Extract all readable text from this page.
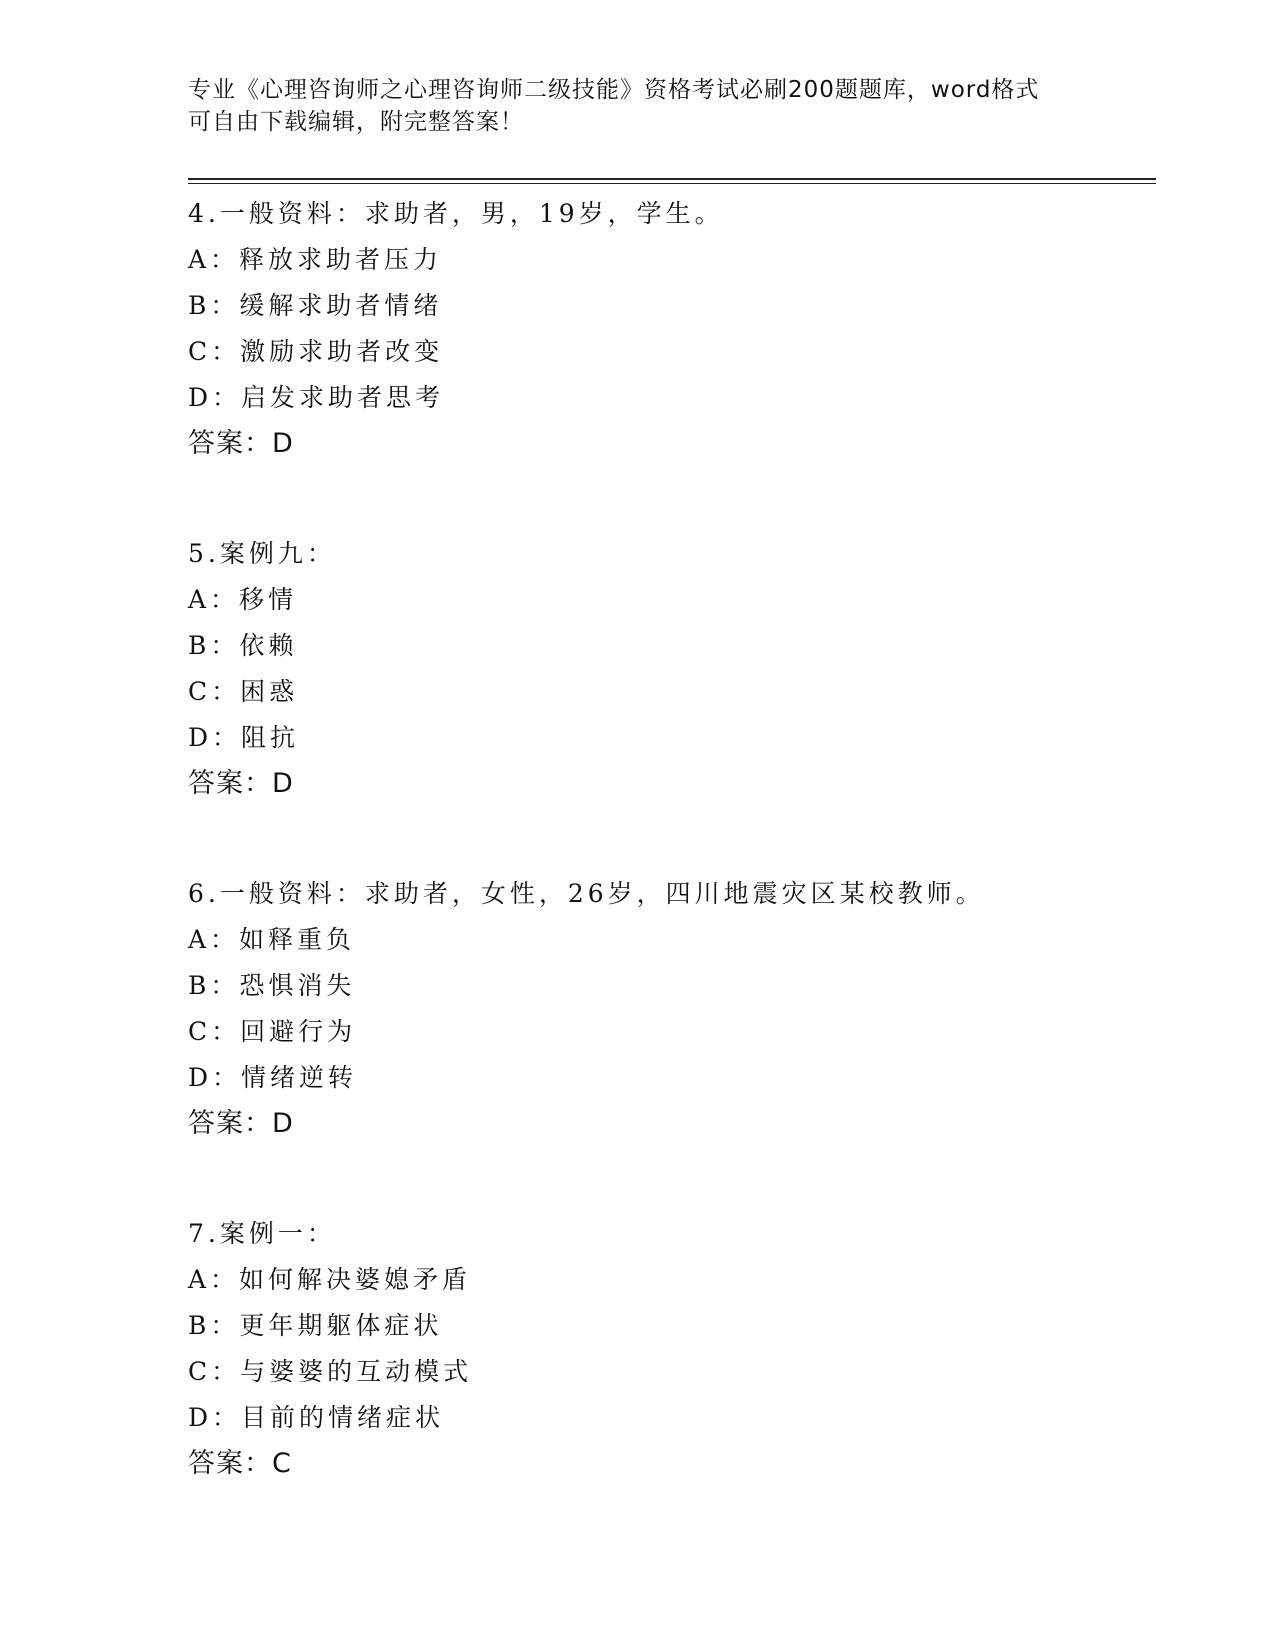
专业《心理咨询师之心理咨询师二级技能》资格考试必刷200题题库，word格式
可自由下载编辑，附完整答案！
4.一般资料：求助者，男，19岁，学生。
A：释放求助者压力
B：缓解求助者情绪
C：激励求助者改变
D：启发求助者思考
答案：D
5.案例九：
A：移情
B：依赖
C：困惑
D：阻抗
答案：D
6.一般资料：求助者，女性，26岁，四川地震灾区某校教师。
A：如释重负
B：恐惧消失
C：回避行为
D：情绪逆转
答案：D
7.案例一：
A：如何解决婆媳矛盾
B：更年期躯体症状
C：与婆婆的互动模式
D：目前的情绪症状
答案：C
